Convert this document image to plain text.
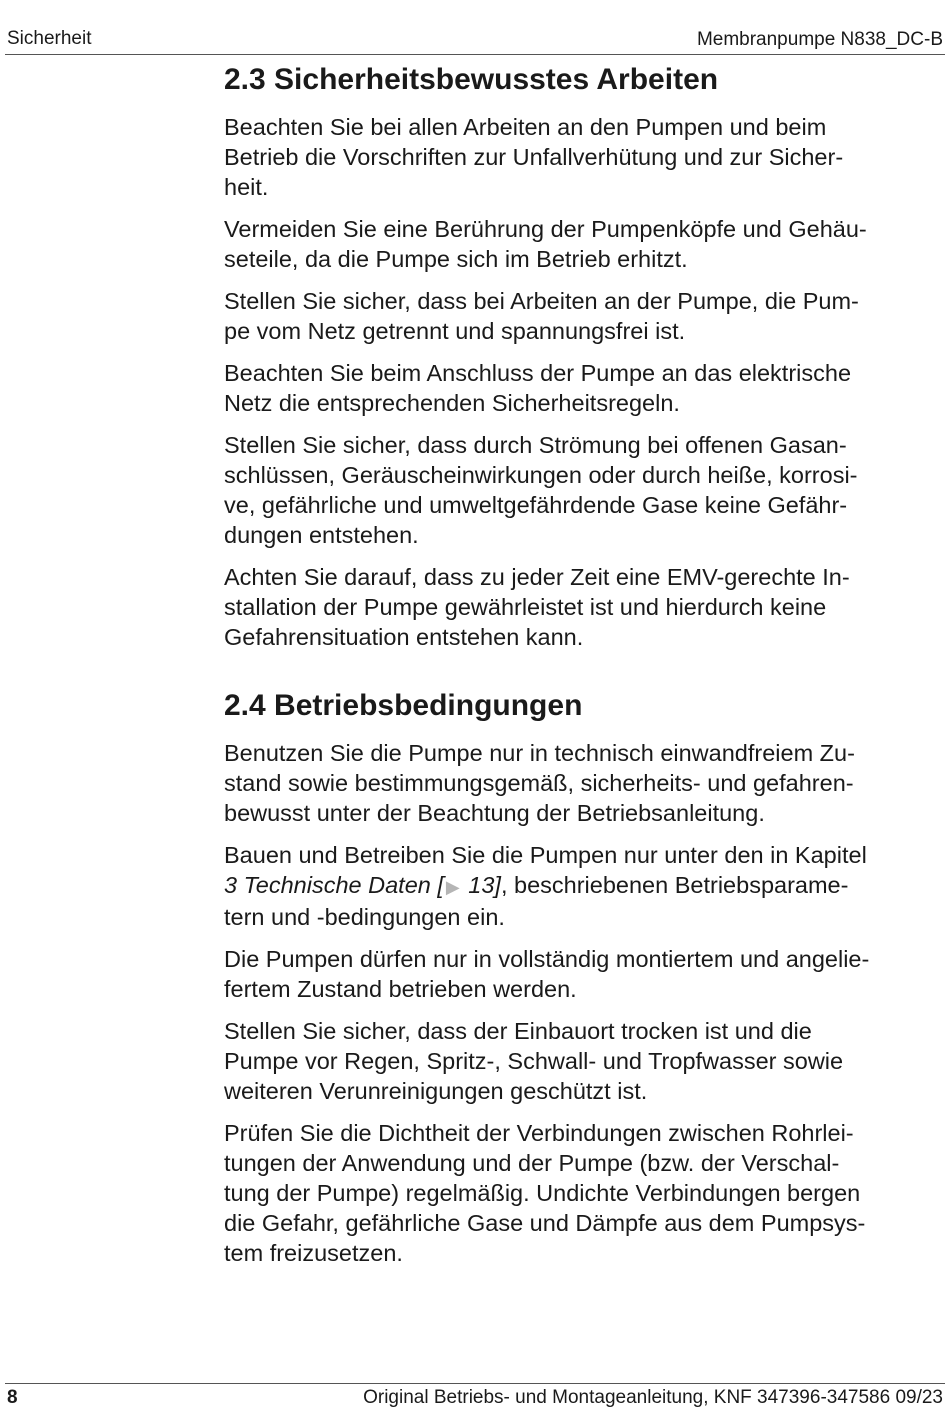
Sicherheit	Membranpumpe N838_DC-B
2.3 Sicherheitsbewusstes Arbeiten

Beachten Sie bei allen Arbeiten an den Pumpen und beim
Betrieb die Vorschriften zur Unfallverhütung und zur Sicher-
heit.

Vermeiden Sie eine Berührung der Pumpenköpfe und Gehäu-
seteile, da die Pumpe sich im Betrieb erhitzt.

Stellen Sie sicher, dass bei Arbeiten an der Pumpe, die Pum-
pe vom Netz getrennt und spannungsfrei ist.

Beachten Sie beim Anschluss der Pumpe an das elektrische
Netz die entsprechenden Sicherheitsregeln.

Stellen Sie sicher, dass durch Strömung bei offenen Gasan-
schlüssen, Geräuscheinwirkungen oder durch heiße, korrosi-
ve, gefährliche und umweltgefährdende Gase keine Gefähr-
dungen entstehen.

Achten Sie darauf, dass zu jeder Zeit eine EMV-gerechte In-
stallation der Pumpe gewährleistet ist und hierdurch keine
Gefahrensituation entstehen kann.

2.4 Betriebsbedingungen

Benutzen Sie die Pumpe nur in technisch einwandfreiem Zu-
stand sowie bestimmungsgemäß, sicherheits- und gefahren-
bewusst unter der Beachtung der Betriebsanleitung.

Bauen und Betreiben Sie die Pumpen nur unter den in Kapitel
3 Technische Daten [ ▶ 13], beschriebenen Betriebsparame-
tern und -bedingungen ein.

Die Pumpen dürfen nur in vollständig montiertem und angelie-
fertem Zustand betrieben werden.

Stellen Sie sicher, dass der Einbauort trocken ist und die
Pumpe vor Regen, Spritz-, Schwall- und Tropfwasser sowie
weiteren Verunreinigungen geschützt ist.

Prüfen Sie die Dichtheit der Verbindungen zwischen Rohrlei-
tungen der Anwendung und der Pumpe (bzw. der Verschal-
tung der Pumpe) regelmäßig. Undichte Verbindungen bergen
die Gefahr, gefährliche Gase und Dämpfe aus dem Pumpsys-
tem freizusetzen.

8	Original Betriebs- und Montageanleitung, KNF 347396-347586 09/23
